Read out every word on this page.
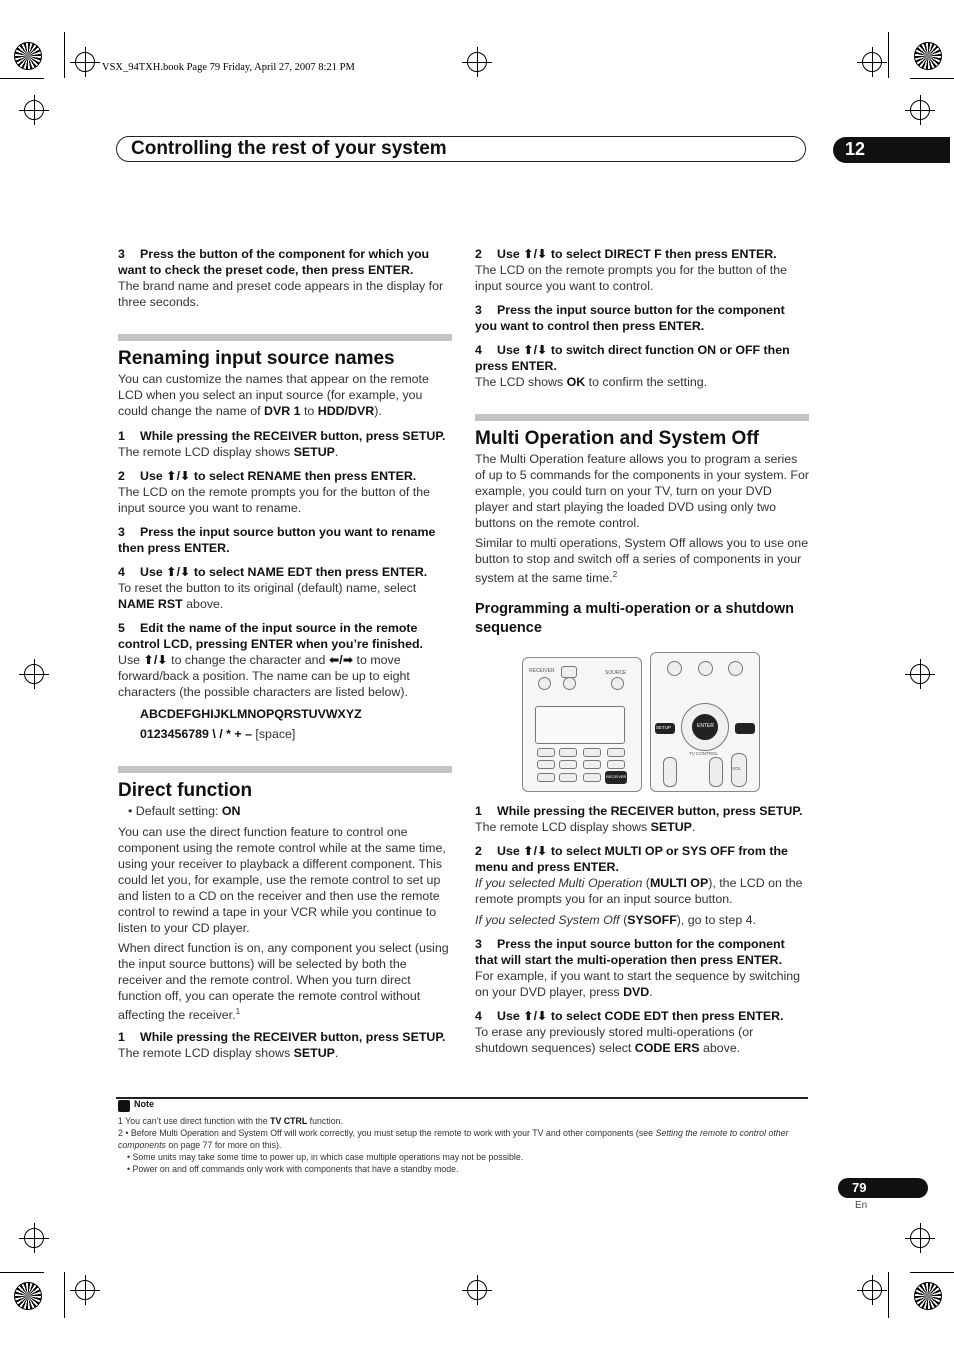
VSX_94TXH.book Page 79 Friday, April 27, 2007 8:21 PM
Controlling the rest of your system	12

3 Press the button of the component for which you want to check the preset code, then press ENTER.

The brand name and preset code appears in the display for three seconds.

Renaming input source names

You can customize the names that appear on the remote LCD when you select an input source (for example, you could change the name of DVR 1 to HDD/DVR).

1 While pressing the RECEIVER button, press SETUP.

The remote LCD display shows SETUP.

2 Use ⬆/⬇ to select RENAME then press ENTER.

The LCD on the remote prompts you for the button of the input source you want to rename.

3 Press the input source button you want to rename then press ENTER.

4 Use ⬆/⬇ to select NAME EDT then press ENTER.

To reset the button to its original (default) name, select NAME RST above.

5 Edit the name of the input source in the remote control LCD, pressing ENTER when you’re finished.

Use ⬆/⬇ to change the character and ⬅/➡ to move forward/back a position. The name can be up to eight characters (the possible characters are listed below).

ABCDEFGHIJKLMNOPQRSTUVWXYZ

0123456789 \ / * + – [space]

Direct function

• Default setting: ON

You can use the direct function feature to control one component using the remote control while at the same time, using your receiver to playback a different component. This could let you, for example, use the remote control to set up and listen to a CD on the receiver and then use the remote control to rewind a tape in your VCR while you continue to listen to your CD player.

When direct function is on, any component you select (using the input source buttons) will be selected by both the receiver and the remote control. When you turn direct function off, you can operate the remote control without affecting the receiver.$^1$

1 While pressing the RECEIVER button, press SETUP.

The remote LCD display shows SETUP.

2 Use ⬆/⬇ to select DIRECT F then press ENTER.

The LCD on the remote prompts you for the button of the input source you want to control.

3 Press the input source button for the component you want to control then press ENTER.

4 Use ⬆/⬇ to switch direct function ON or OFF then press ENTER.

The LCD shows OK to confirm the setting.

Multi Operation and System Off

The Multi Operation feature allows you to program a series of up to 5 commands for the components in your system. For example, you could turn on your TV, turn on your DVD player and start playing the loaded DVD using only two buttons on the remote control.

Similar to multi operations, System Off allows you to use one button to stop and switch off a series of components in your system at the same time.$^2$

Programming a multi-operation or a shutdown sequence

RECEIVER	SOURCE
RECEIVER
ENTER
SETUP
TV CONTROL
VOL

1 While pressing the RECEIVER button, press SETUP.

The remote LCD display shows SETUP.

2 Use ⬆/⬇ to select MULTI OP or SYS OFF from the menu and press ENTER.

If you selected Multi Operation (MULTI OP), the LCD on the remote prompts you for an input source button.

If you selected System Off (SYSOFF), go to step 4.

3 Press the input source button for the component that will start the multi-operation then press ENTER.

For example, if you want to start the sequence by switching on your DVD player, press DVD.

4 Use ⬆/⬇ to select CODE EDT then press ENTER.

To erase any previously stored multi-operations (or shutdown sequences) select CODE ERS above.

Note
1 You can’t use direct function with the TV CTRL function.
2 • Before Multi Operation and System Off will work correctly, you must setup the remote to work with your TV and other components (see Setting the remote to control other components on page 77 for more on this).
• Some units may take some time to power up, in which case multiple operations may not be possible.
• Power on and off commands only work with components that have a standby mode.
79
En
